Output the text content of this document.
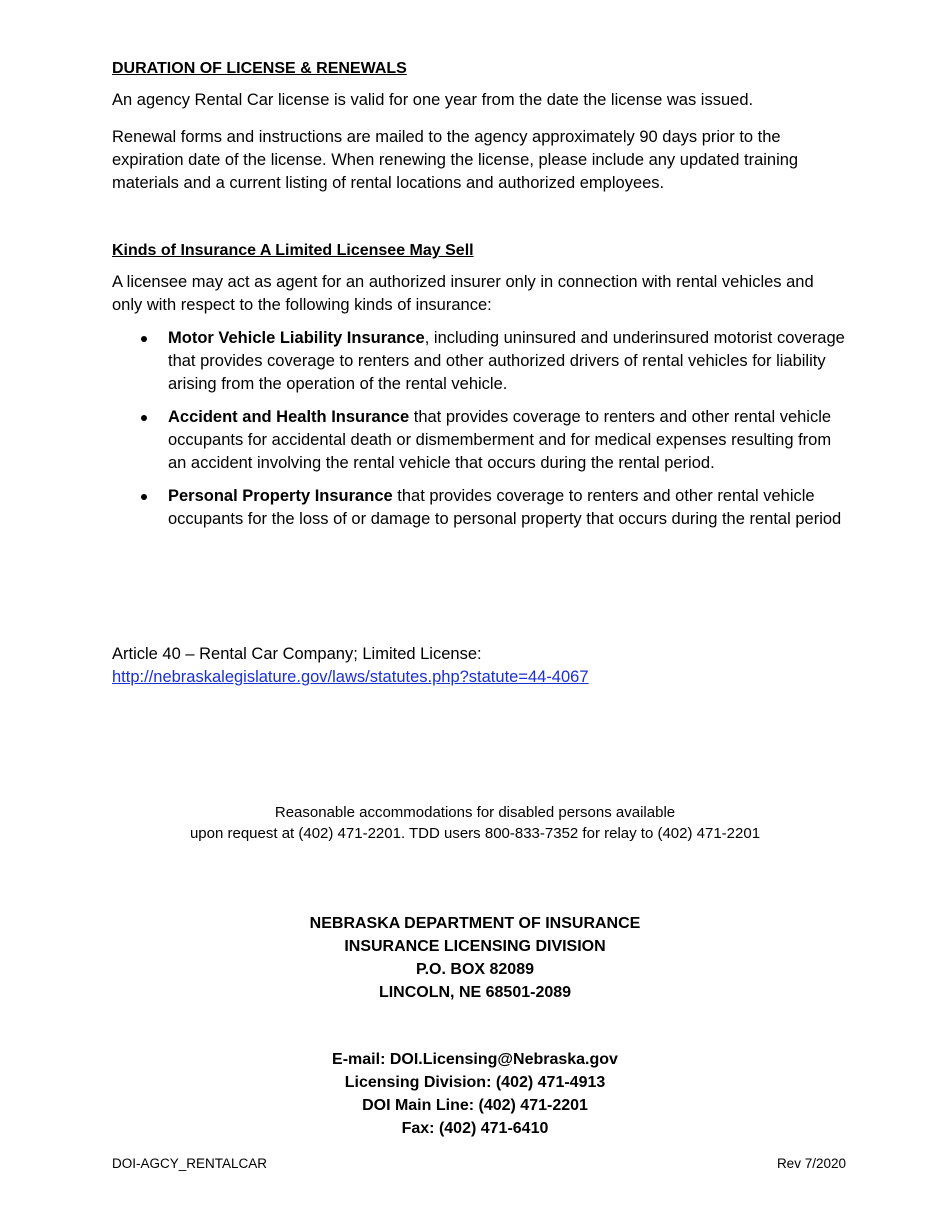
DURATION OF LICENSE & RENEWALS

An agency Rental Car license is valid for one year from the date the license was issued.

Renewal forms and instructions are mailed to the agency approximately 90 days prior to the expiration date of the license. When renewing the license, please include any updated training materials and a current listing of rental locations and authorized employees.

Kinds of Insurance A Limited Licensee May Sell

A licensee may act as agent for an authorized insurer only in connection with rental vehicles and only with respect to the following kinds of insurance:

Motor Vehicle Liability Insurance, including uninsured and underinsured motorist coverage that provides coverage to renters and other authorized drivers of rental vehicles for liability arising from the operation of the rental vehicle.
Accident and Health Insurance that provides coverage to renters and other rental vehicle occupants for accidental death or dismemberment and for medical expenses resulting from an accident involving the rental vehicle that occurs during the rental period.
Personal Property Insurance that provides coverage to renters and other rental vehicle occupants for the loss of or damage to personal property that occurs during the rental period

Article 40 – Rental Car Company; Limited License:

http://nebraskalegislature.gov/laws/statutes.php?statute=44-4067

Reasonable accommodations for disabled persons available
upon request at (402) 471-2201. TDD users 800-833-7352 for relay to (402) 471-2201
NEBRASKA DEPARTMENT OF INSURANCE
INSURANCE LICENSING DIVISION
P.O. BOX 82089
LINCOLN, NE 68501-2089
E-mail: DOI.Licensing@Nebraska.gov
Licensing Division: (402) 471-4913
DOI Main Line: (402) 471-2201
Fax: (402) 471-6410
DOI-AGCY_RENTALCAR	Rev 7/2020
